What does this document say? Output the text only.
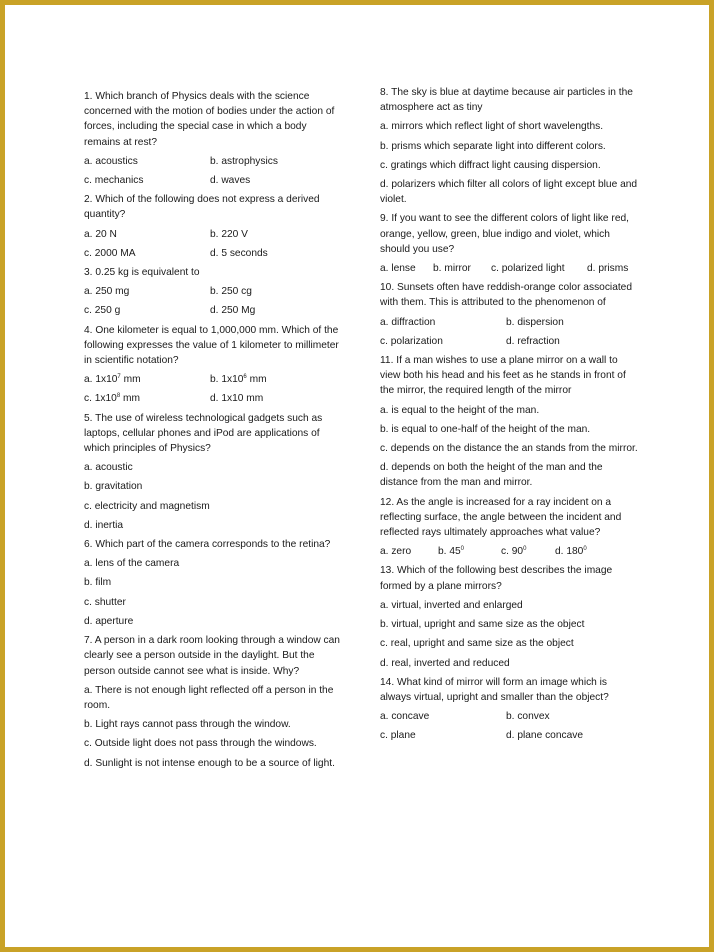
1. Which branch of Physics deals with the science concerned with the motion of bodies under the action of forces, including the special case in which a body remains at rest?
a. acoustics	b. astrophysics
c. mechanics	d. waves
2. Which of the following does not express a derived quantity?
a. 20 N	b. 220 V
c. 2000 MA	d. 5 seconds
3. 0.25 kg is equivalent to
a. 250 mg	b. 250 cg
c. 250 g	d. 250 Mg
4. One kilometer is equal to 1,000,000 mm. Which of the following expresses the value of 1 kilometer to millimeter in scientific notation?
a. $1x10^7$ mm	b. $1x10^6$ mm
c. $1x10^8$ mm	d. 1x10 mm
5. The use of wireless technological gadgets such as laptops, cellular phones and iPod are applications of which principles of Physics?
a. acoustic
b. gravitation
c. electricity and magnetism
d. inertia
6. Which part of the camera corresponds to the retina?
a. lens of the camera
b. film
c. shutter
d. aperture
7. A person in a dark room looking through a window can clearly see a person outside in the daylight. But the person outside cannot see what is inside. Why?
a. There is not enough light reflected off a person in the room.
b. Light rays cannot pass through the window.
c. Outside light does not pass through the windows.
d. Sunlight is not intense enough to be a source of light.
8. The sky is blue at daytime because air particles in the atmosphere act as tiny
a. mirrors which reflect light of short wavelengths.
b. prisms which separate light into different colors.
c. gratings which diffract light causing dispersion.
d. polarizers which filter all colors of light except blue and violet.
9. If you want to see the different colors of light like red, orange, yellow, green, blue indigo and violet, which should you use?
a. lense	b. mirror	c. polarized light	d. prisms
10. Sunsets often have reddish-orange color associated with them. This is attributed to the phenomenon of
a. diffraction	b. dispersion
c. polarization	d. refraction
11. If a man wishes to use a plane mirror on a wall to view both his head and his feet as he stands in front of the mirror, the required length of the mirror
a. is equal to the height of the man.
b. is equal to one-half of the height of the man.
c. depends on the distance the an stands from the mirror.
d. depends on both the height of the man and the distance from the man and mirror.
12. As the angle is increased for a ray incident on a reflecting surface, the angle between the incident and reflected rays ultimately approaches what value?
a. zero	b. $45^0$	c. $90^0$	d. $180^0$
13. Which of the following best describes the image formed by a plane mirrors?
a. virtual, inverted and enlarged
b. virtual, upright and same size as the object
c. real, upright and same size as the object
d. real, inverted and reduced
14. What kind of mirror will form an image which is always virtual, upright and smaller than the object?
a. concave	b. convex
c. plane	d. plane concave
